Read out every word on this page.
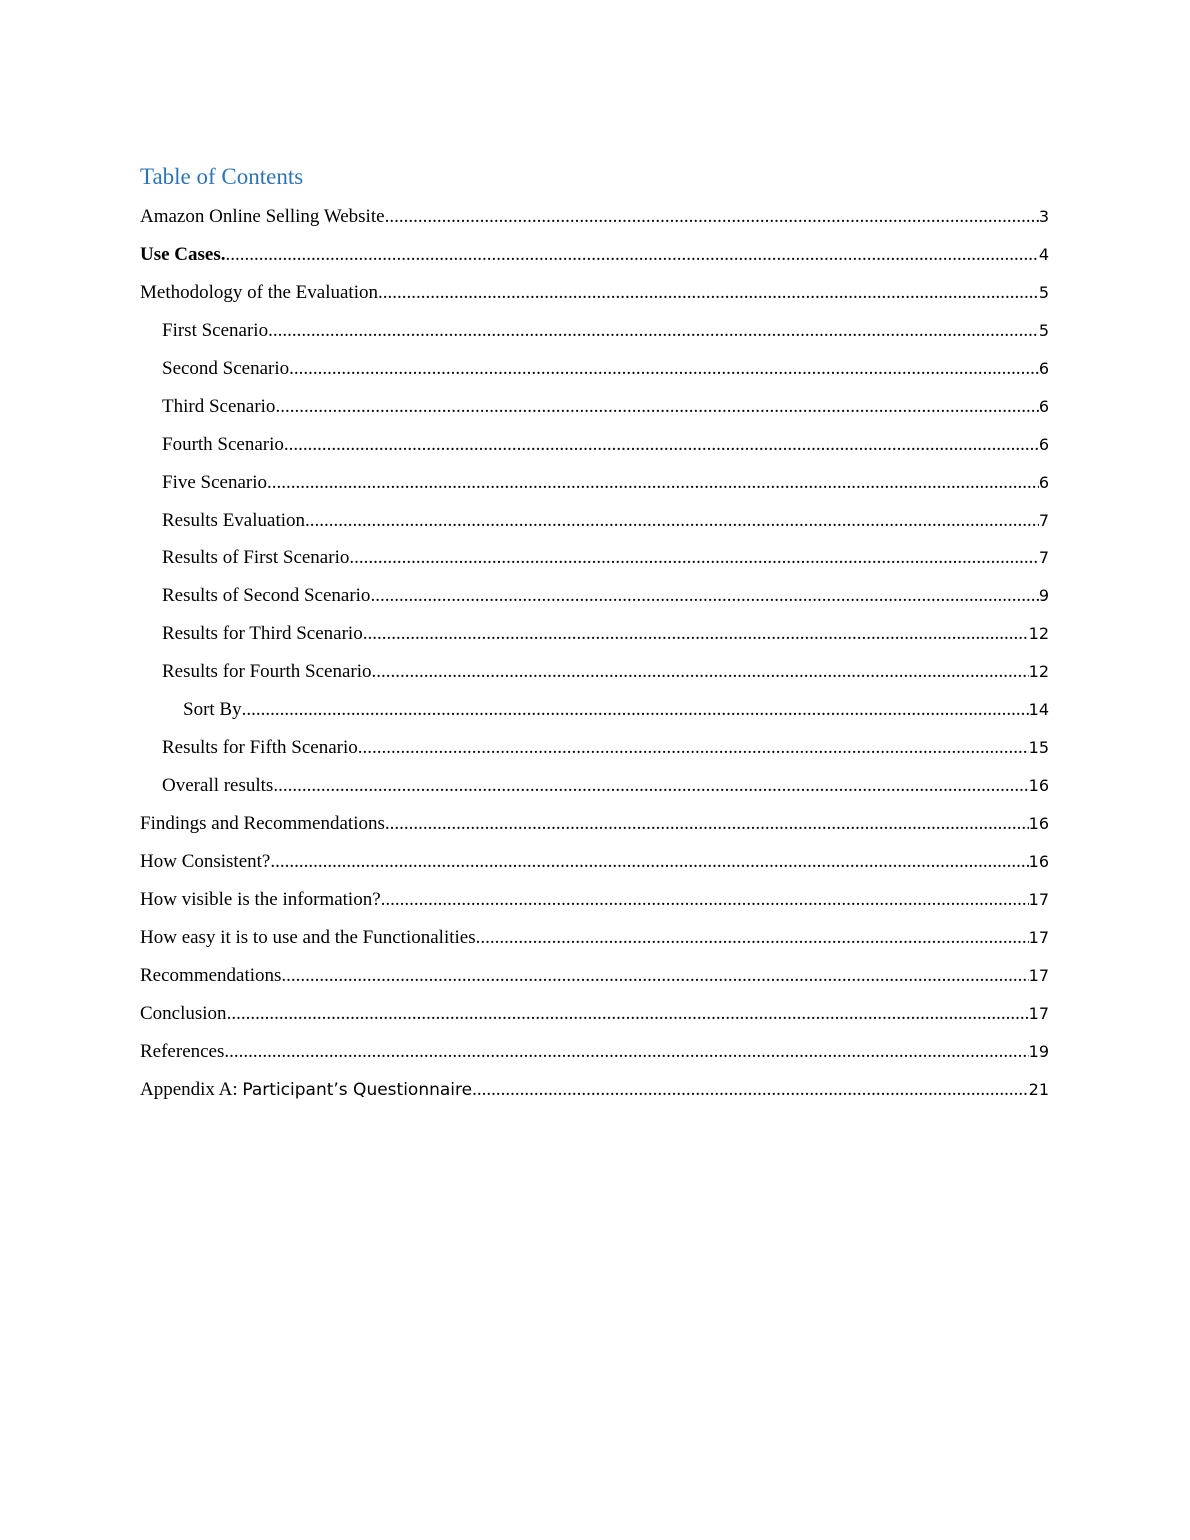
Table of Contents
Amazon Online Selling Website .....	3
Use Cases. .....	4
Methodology of the Evaluation .....	5
First Scenario .....	5
Second Scenario .....	6
Third Scenario .....	6
Fourth Scenario .....	6
Five Scenario .....	6
Results Evaluation .....	7
Results of First Scenario .....	7
Results of Second Scenario .....	9
Results for Third Scenario .....	12
Results for Fourth Scenario .....	12
Sort By .....	14
Results for Fifth Scenario .....	15
Overall results .....	16
Findings and Recommendations .....	16
How Consistent? .....	16
How visible is the information? .....	17
How easy it is to use and the Functionalities .....	17
Recommendations .....	17
Conclusion .....	17
References .....	19
Appendix A: Participant’s Questionnaire .....	21
